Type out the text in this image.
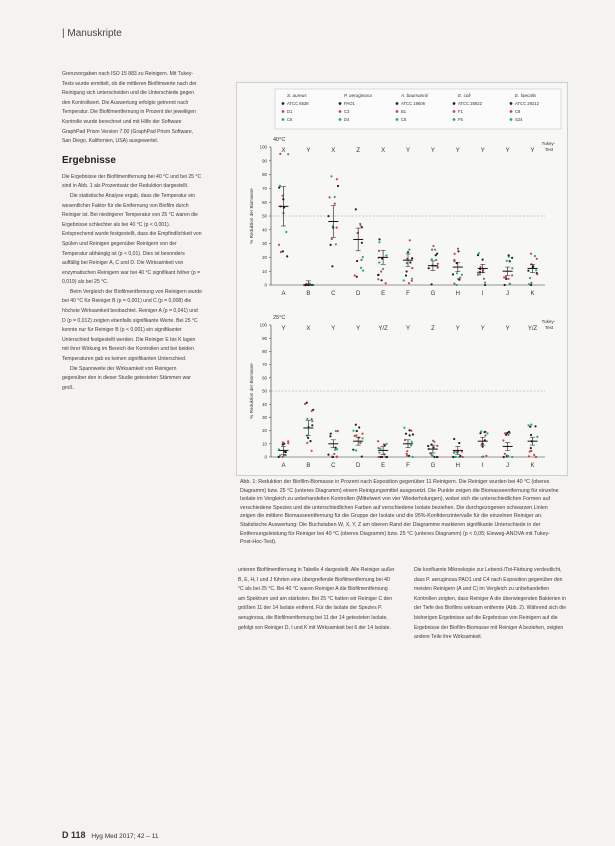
| Manuskripte

Grenzvorgaben nach ISO 15 883 zu Reinigern. Mit Tukey-Tests wurde ermittelt, ob die mittleren Biofilmwerte nach der Reinigung sich unterscheiden und die Unterschiede gegen den Kontrollwert. Die Auswertung erfolgte getrennt nach Temperatur. Die Biofilmentfernung in Prozent der jeweiligen Kontrolle wurde berechnet und mit Hilfe der Software GraphPad Prism Version 7.00 (GraphPad Prism Software, San Diego, Kalifornien, USA) ausgewertet.

Ergebnisse

Die Ergebnisse der Biofilmentfernung bei 40 °C und bei 25 °C sind in Abb. 1 als Prozentsatz der Reduktion dargestellt.

Die statistische Analyse ergab, dass die Temperatur ein wesentlicher Faktor für die Entfernung von Biofilm durch Reiniger ist. Bei niedrigerer Temperatur von 25 °C waren die Ergebnisse schlechter als bei 40 °C (p < 0,001). Entsprechend wurde festgestellt, dass die Empfindlichkeit von Spülen und Reinigen gegenüber Reinigern von der Temperatur abhängig ist (p < 0,01). Dies ist besonders auffällig bei Reiniger A, C und D. Die Wirksamkeit von enzymatischen Reinigern war bei 40 °C signifikant höher (p = 0,019) als bei 25 °C.

Beim Vergleich der Biofilmentfernung von Reinigern wurde bei 40 °C für Reiniger B (p = 0,001) und C (p = 0,008) die höchste Wirksamkeit beobachtet. Reiniger A (p = 0,041) und D (p = 0,012) zeigten ebenfalls signifikante Werte. Bei 25 °C konnte nur für Reiniger B (p < 0,001) ein signifikanter Unterschied festgestellt werden. Die Reiniger E bis K lagen mit ihrer Wirkung im Bereich der Kontrollen und bei beiden Temperaturen gab es keinen signifikanten Unterschied.

Die Spannweite der Wirksamkeit von Reinigern gegenüber den in dieser Studie getesteten Stämmen war groß.

S. aureus
ATCC 6538
D1
C6
P. aeruginosa
PAO1
C3
D4
A. baumannii
ATCC 19606
B1
C5
E. coli
ATCC 25922
F1
F6
E. faecalis
ATCC 29212
C8
S24
40°C
Tukey- Test
100
90
80
70
60
50
40
30
20
10
0
% Reduktion der Biomasse
A
X
B
Y
C
X
D
Z
E
X
F
Y
G
Y
H
Y
I
Y
J
Y
K
Y
25°C
Tukey- Test
100
90
80
70
60
50
40
30
20
10
0
% Reduktion der Biomasse
A
Y
B
X
C
Y
D
Y
E
Y/Z
F
Y
G
Z
H
Y
I
Y
J
Y
K
Y/Z
Abb. 1: Reduktion der Biofilm-Biomasse in Prozent nach Exposition gegenüber 11 Reinigern. Die Reiniger wurden bei 40 °C (oberes Diagramm) bzw. 25 °C (unteres Diagramm) einem Reinigungsmittel ausgesetzt. Die Punkte zeigen die Biomasseentfernung für einzelne Isolate im Vergleich zu unbehandelten Kontrollen (Mittelwert von vier Wiederholungen), wobei sich die unterschiedlichen Formen auf verschiedene Spezies und die unterschiedlichen Farben auf verschiedene Isolate beziehen. Die durchgezogenen schwarzen Linien zeigen die mittlere Biomasseentfernung für die Gruppe der Isolate und die 95%-Konfidenzintervalle für die einzelnen Reiniger an. Statistische Auswertung: Die Buchstaben W, X, Y, Z am oberen Rand der Diagramme markieren signifikante Unterschiede in der Entfernungsleistung für Reiniger bei 40 °C (oberes Diagramm) bzw. 25 °C (unteres Diagramm) (p < 0,05; Einweg-ANOVA mit Tukey-Post-Hoc-Test).

unteren Biofilmentfernung in Tabelle 4 dargestellt. Alle Reiniger außer B, E, H, I und J führten eine übergreifende Biofilmentfernung bei 40 °C als bei 25 °C. Bei 40 °C waren Reiniger A die Biofilmentfernung am Spektrum und am stärksten. Bei 25 °C hatten wir Reiniger C den größten 11 der 14 Isolate entfernt. Für die Isolate der Spezies P. aeruginosa, die Biofilmentfernung bei 11 der 14 getesteten Isolate, gefolgt von Reiniger D, I und K mit Wirksamkeit bei 6 der 14 Isolate.

Die konfluente Mikroskopie zur Lebend-/Tot-Färbung verdeutlicht, dass P. aeruginosa PAO1 und C4 nach Exposition gegenüber den meisten Reinigern (A und C) im Vergleich zu unbehandelten Kontrollen zeigten, dass Reiniger A die überwiegenden Bakterien in der Tiefe des Biofilms wirksam entfernte (Abb. 2). Während sich die bisherigen Ergebnisse auf die Ergebnisse von Reinigern auf die Ergebnisse der Biofilm-Biomasse mit Reiniger A beziehen, zeigten andere Teile ihre Wirksamkeit.

D 118 Hyg Med 2017; 42 – 11
